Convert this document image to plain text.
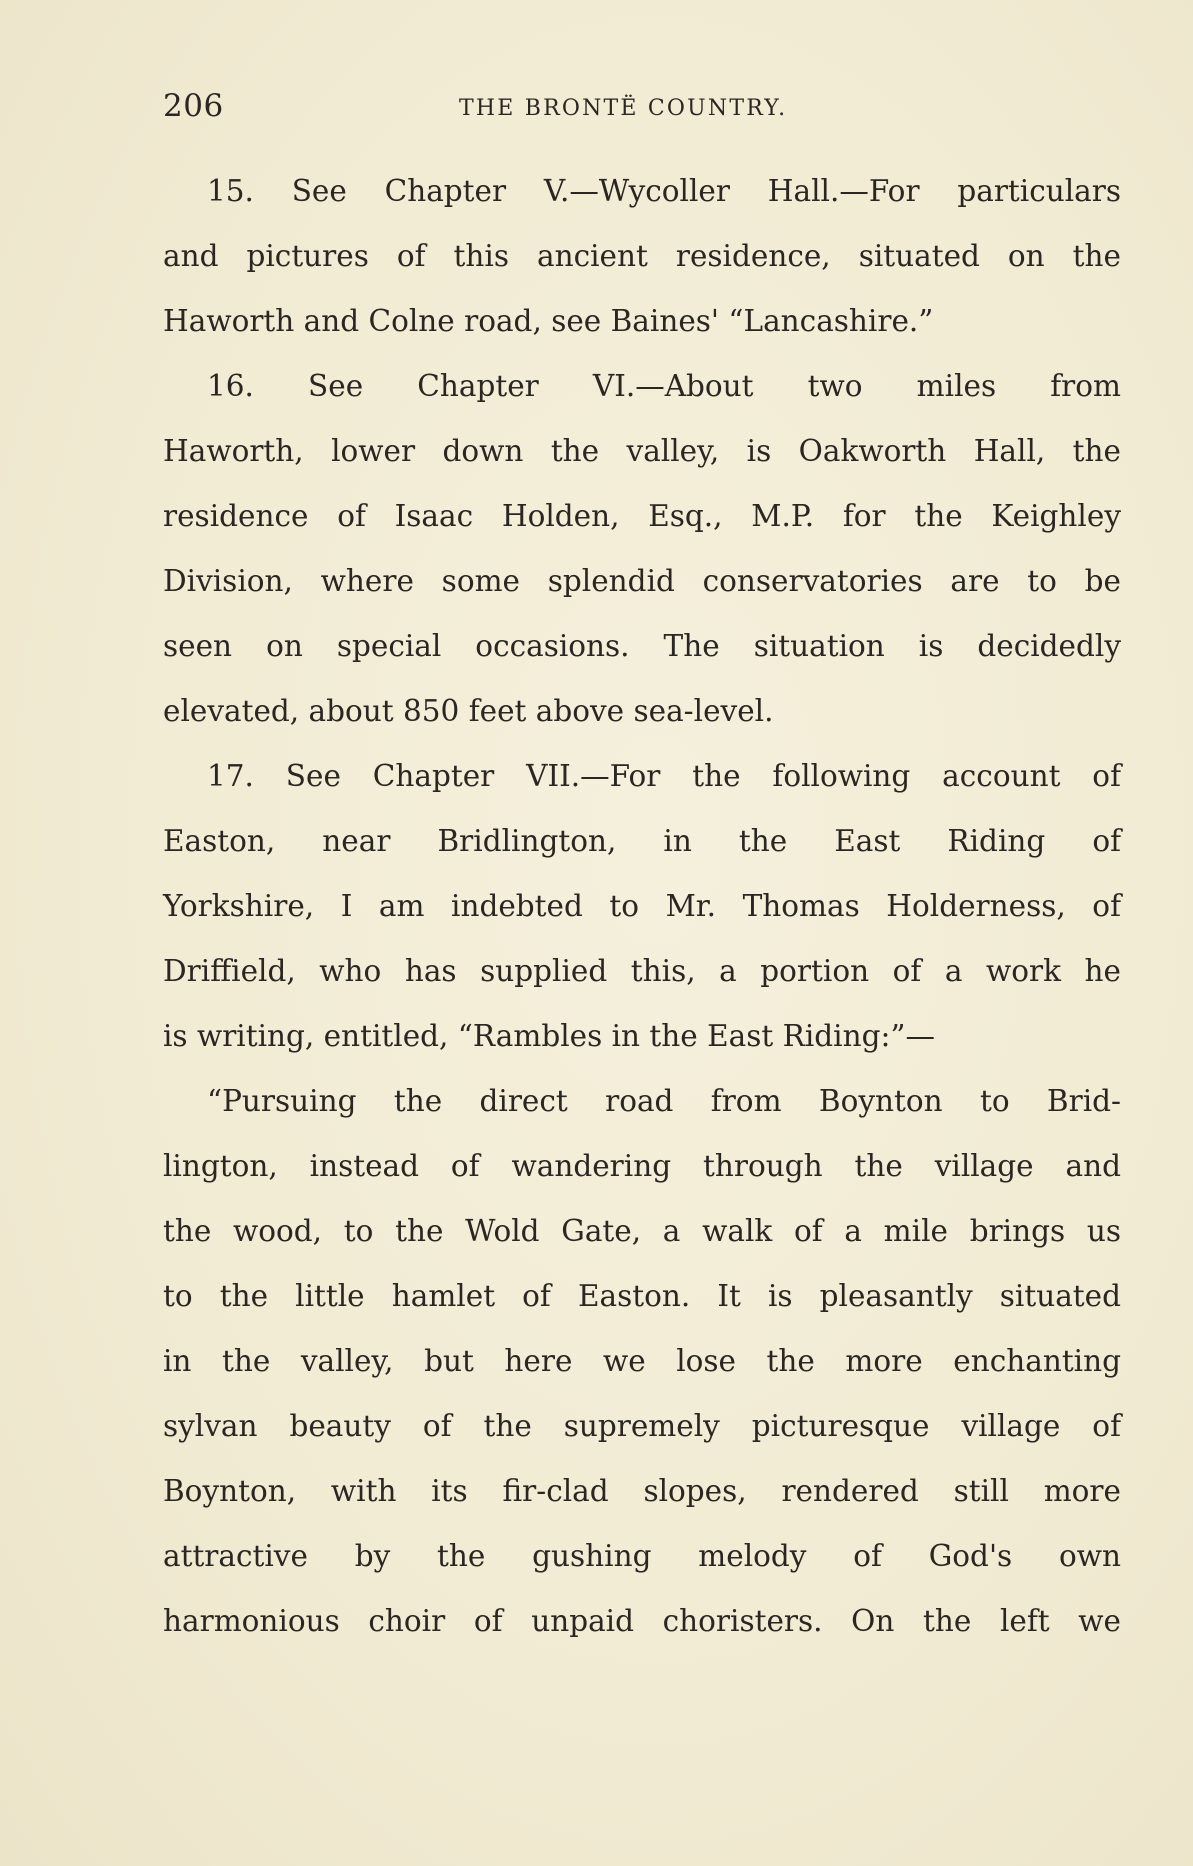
206	THE BRONTË COUNTRY.
15. See Chapter V.—Wycoller Hall.—For particulars
and pictures of this ancient residence, situated on the
Haworth and Colne road, see Baines' “Lancashire.”
16. See Chapter VI.—About two miles from
Haworth, lower down the valley, is Oakworth Hall, the
residence of Isaac Holden, Esq., M.P. for the Keighley
Division, where some splendid conservatories are to be
seen on special occasions. The situation is decidedly
elevated, about 850 feet above sea-level.
17. See Chapter VII.—For the following account of
Easton, near Bridlington, in the East Riding of
Yorkshire, I am indebted to Mr. Thomas Holderness, of
Driffield, who has supplied this, a portion of a work he
is writing, entitled, “Rambles in the East Riding:”—
“Pursuing the direct road from Boynton to Brid-
lington, instead of wandering through the village and
the wood, to the Wold Gate, a walk of a mile brings us
to the little hamlet of Easton. It is pleasantly situated
in the valley, but here we lose the more enchanting
sylvan beauty of the supremely picturesque village of
Boynton, with its fir-clad slopes, rendered still more
attractive by the gushing melody of God's own
harmonious choir of unpaid choristers. On the left we
